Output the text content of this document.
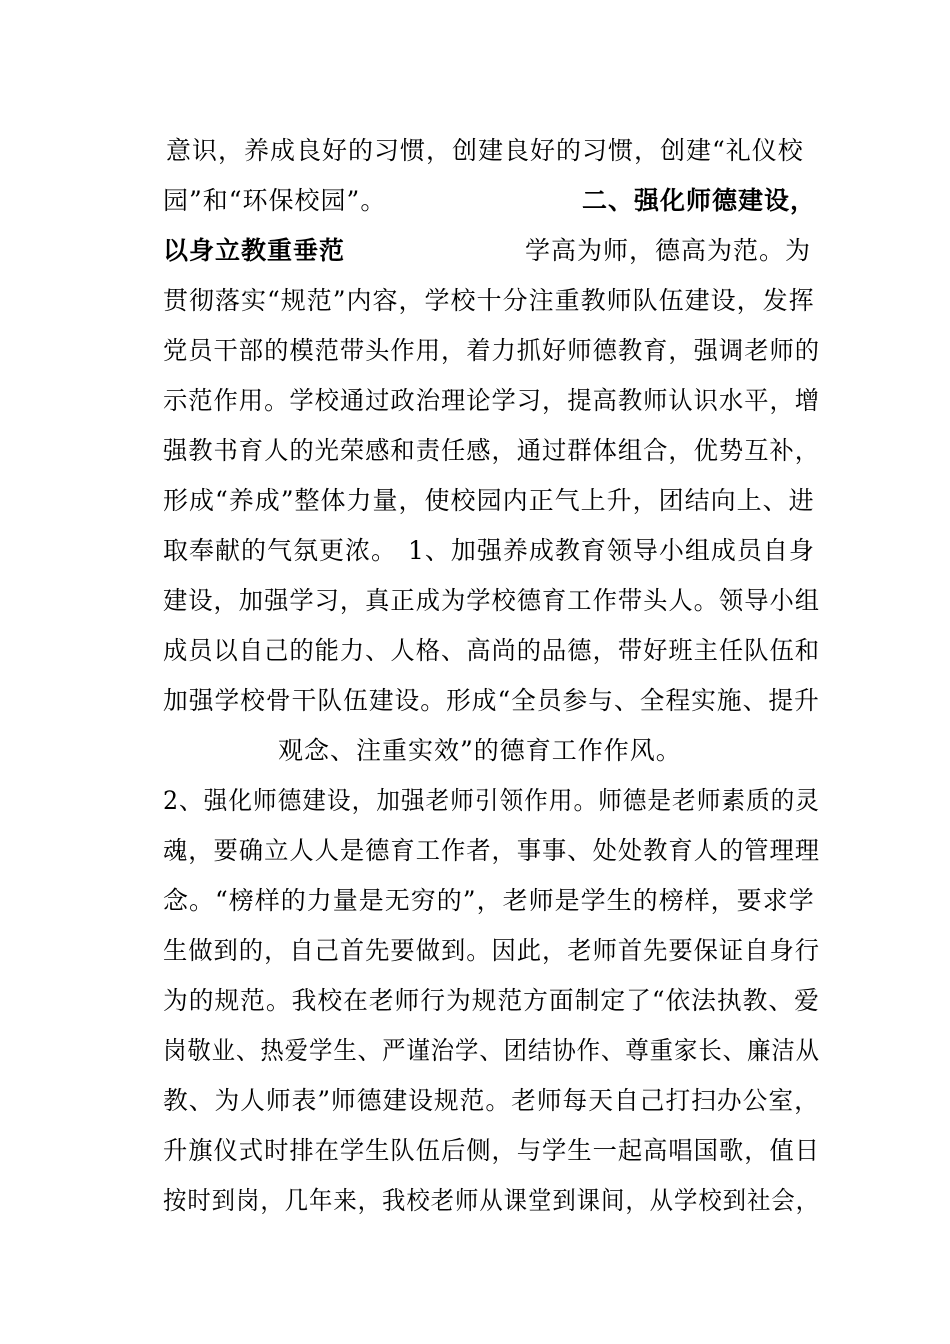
意识，养成良好的习惯，创建良好的习惯，创建“礼仪校
园”和“环保校园”。	二、强化师德建设，
以身立教重垂范	学高为师，德高为范。为
贯彻落实“规范”内容，学校十分注重教师队伍建设，发挥
党员干部的模范带头作用，着力抓好师德教育，强调老师的
示范作用。学校通过政治理论学习，提高教师认识水平，增
强教书育人的光荣感和责任感，通过群体组合，优势互补，
形成“养成”整体力量，使校园内正气上升，团结向上、进
取奉献的气氛更浓。 1、加强养成教育领导小组成员自身
建设，加强学习，真正成为学校德育工作带头人。领导小组
成员以自己的能力、人格、高尚的品德，带好班主任队伍和
加强学校骨干队伍建设。形成“全员参与、全程实施、提升
观念、注重实效”的德育工作作风。
2、强化师德建设，加强老师引领作用。师德是老师素质的灵
魂，要确立人人是德育工作者，事事、处处教育人的管理理
念。“榜样的力量是无穷的”，老师是学生的榜样，要求学
生做到的，自己首先要做到。因此，老师首先要保证自身行
为的规范。我校在老师行为规范方面制定了“依法执教、爱
岗敬业、热爱学生、严谨治学、团结协作、尊重家长、廉洁从
教、为人师表”师德建设规范。老师每天自己打扫办公室，
升旗仪式时排在学生队伍后侧，与学生一起高唱国歌，值日
按时到岗，几年来，我校老师从课堂到课间，从学校到社会，
